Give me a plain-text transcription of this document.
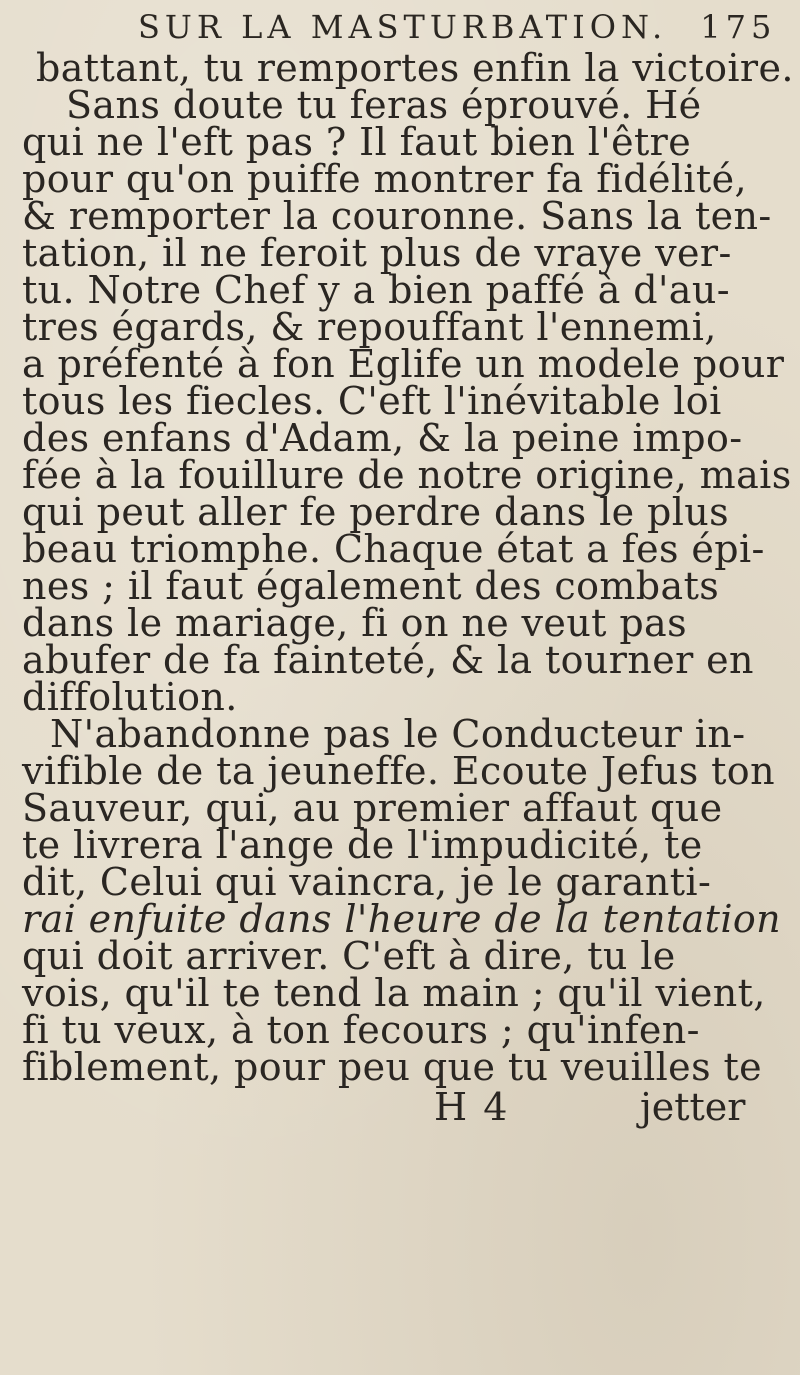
SUR LA MASTURBATION. 175
battant, tu remportes enfin la victoire.
Sans doute tu feras éprouvé. Hé
qui ne l'eft pas ? Il faut bien l'être
pour qu'on puiffe montrer fa fidélité,
& remporter la couronne. Sans la ten-
tation, il ne feroit plus de vraye ver-
tu. Notre Chef y a bien paffé à d'au-
tres égards, & repouffant l'ennemi,
a préfenté à fon Eglife un modele pour
tous les fiecles. C'eft l'inévitable loi
des enfans d'Adam, & la peine impo-
fée à la fouillure de notre origine, mais
qui peut aller fe perdre dans le plus
beau triomphe. Chaque état a fes épi-
nes ; il faut également des combats
dans le mariage, fi on ne veut pas
abufer de fa fainteté, & la tourner en
diffolution.
N'abandonne pas le Conducteur in-
vifible de ta jeuneffe. Ecoute Jefus ton
Sauveur, qui, au premier affaut que
te livrera l'ange de l'impudicité, te
dit, Celui qui vaincra, je le garanti-
rai enfuite dans l'heure de la tentation
qui doit arriver. C'eft à dire, tu le
vois, qu'il te tend la main ; qu'il vient,
fi tu veux, à ton fecours ; qu'infen-
fiblement, pour peu que tu veuilles te
H 4	jetter
